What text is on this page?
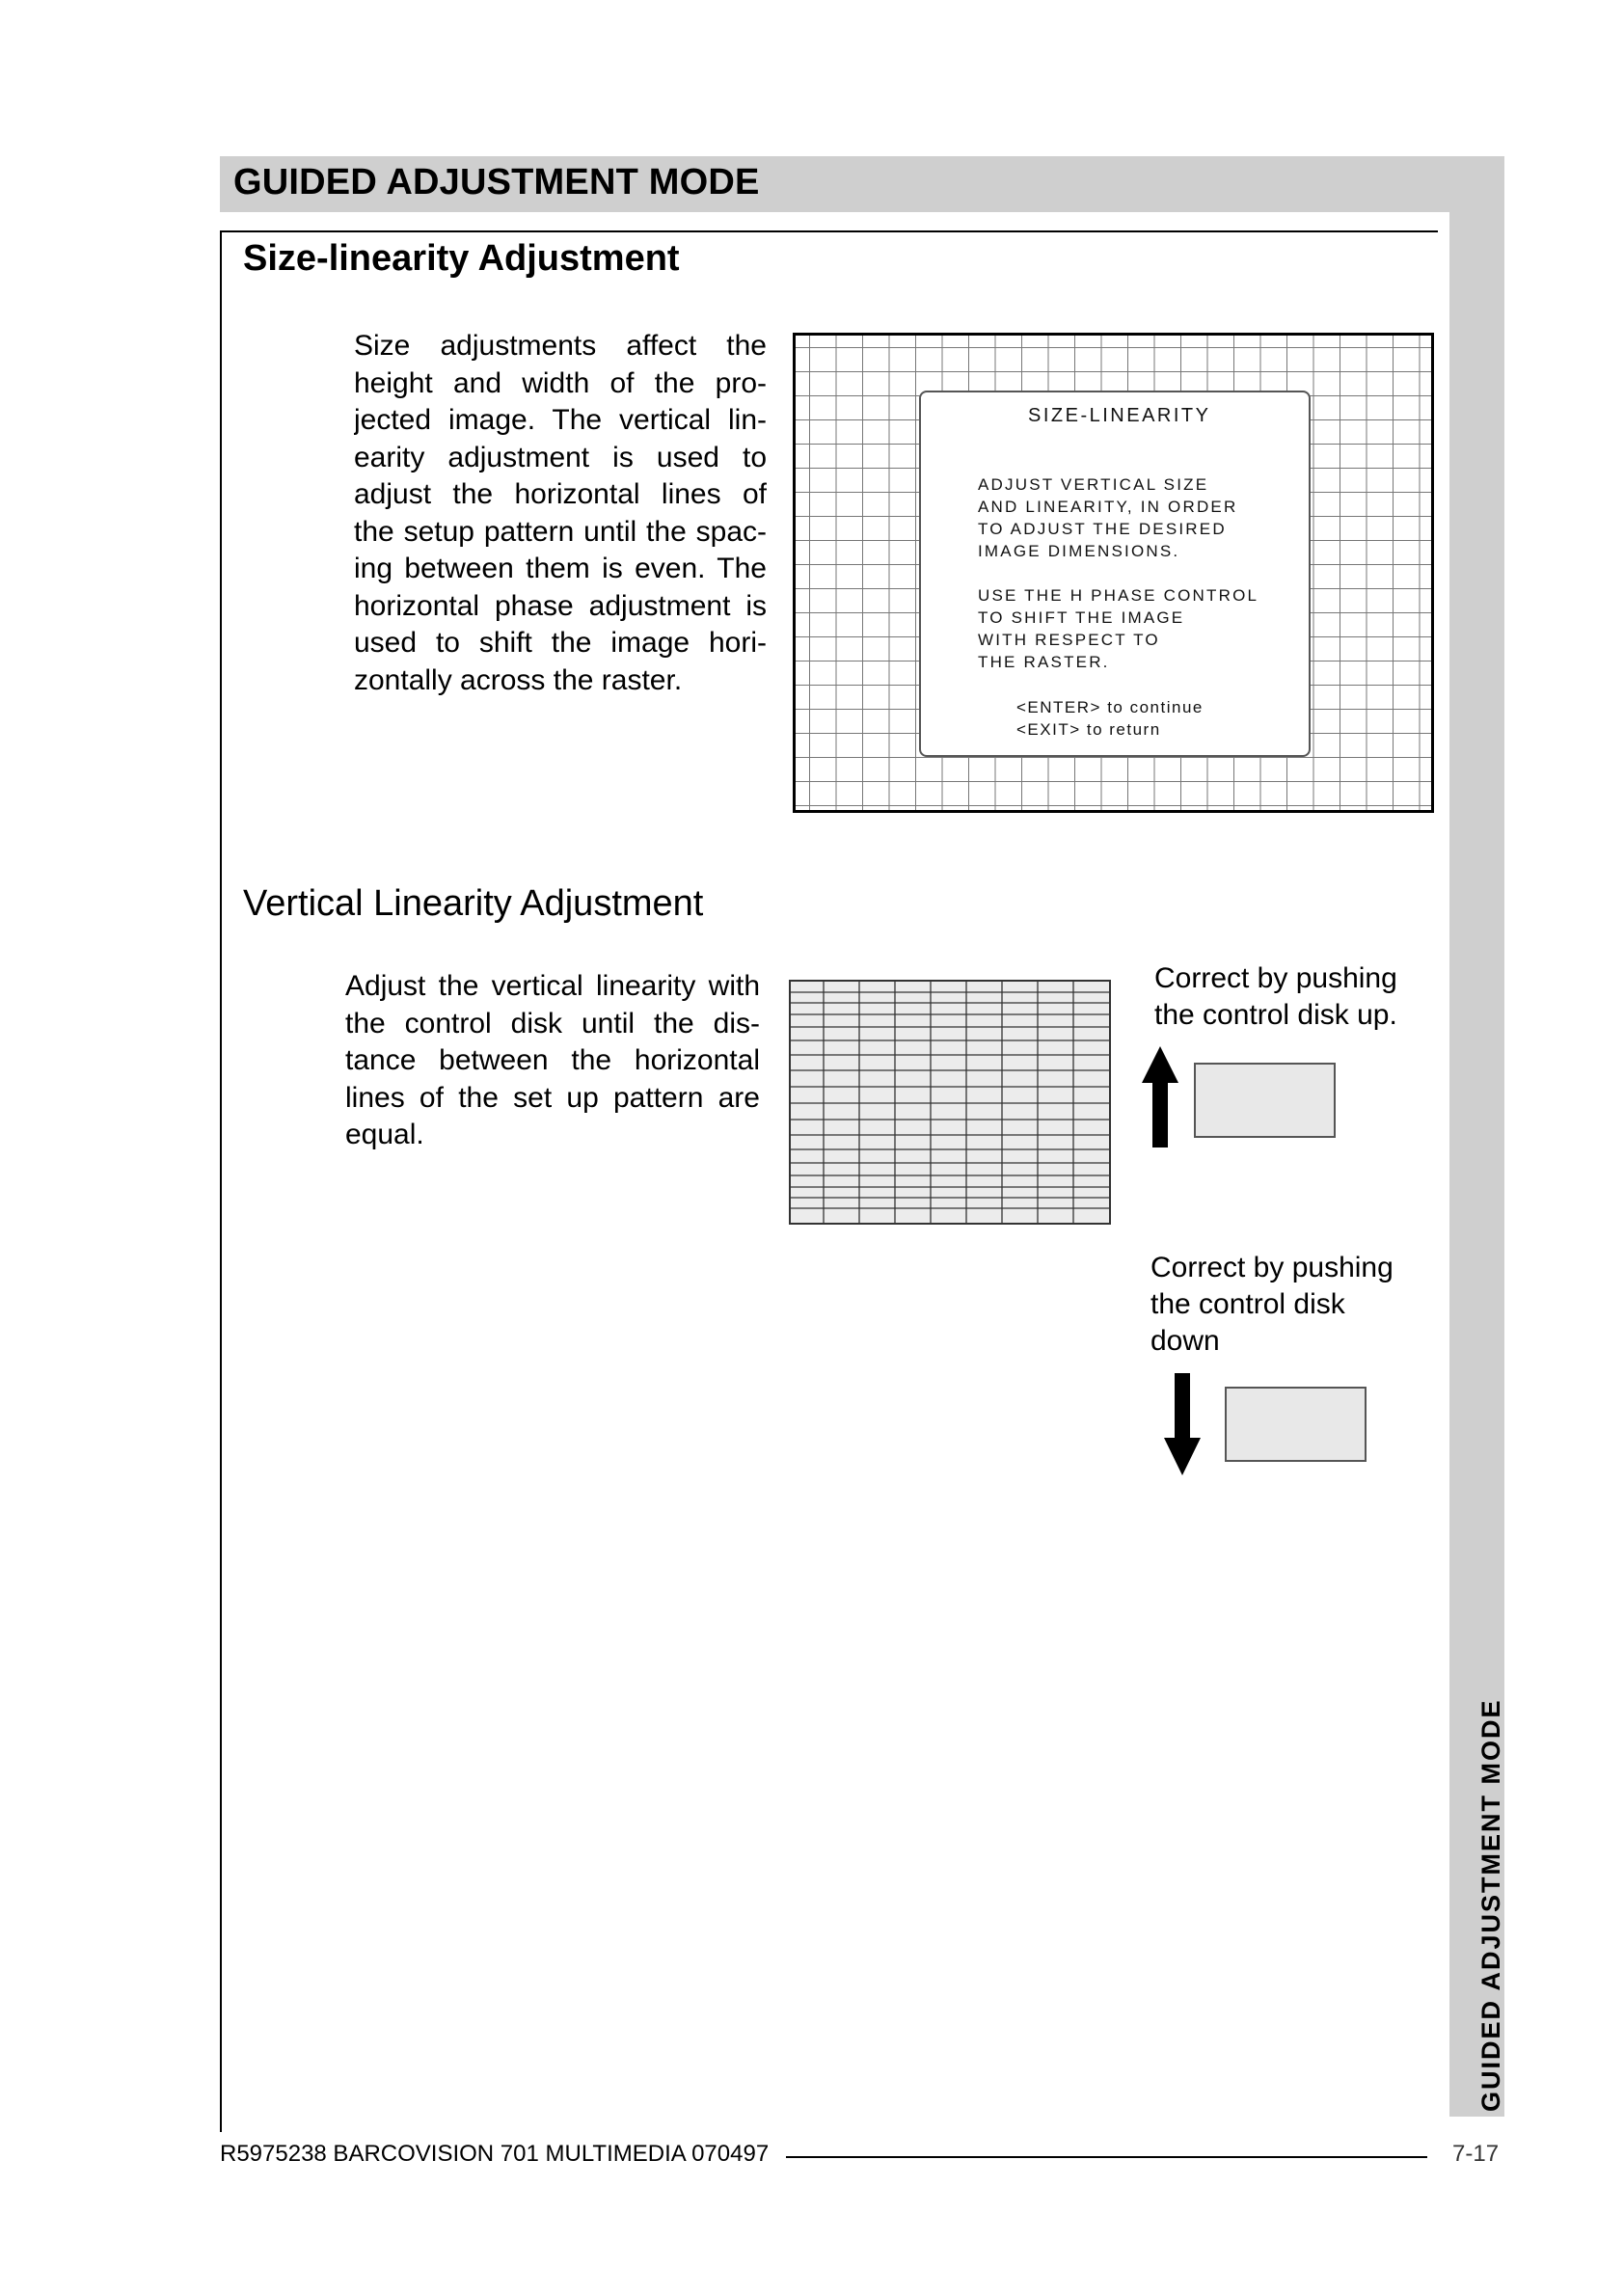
GUIDED ADJUSTMENT MODE
GUIDED ADJUSTMENT MODE
Size-linearity Adjustment
Size adjustments affect the
height and width of the pro-
jected image. The vertical lin-
earity adjustment is used to
adjust the horizontal lines of
the setup pattern until the spac-
ing between them is even. The
horizontal phase adjustment is
used to shift the image hori-
zontally across the raster.
SIZE-LINEARITY
ADJUST VERTICAL SIZE
AND LINEARITY, IN ORDER
TO ADJUST THE DESIRED
IMAGE DIMENSIONS.
USE THE H PHASE CONTROL
TO SHIFT THE IMAGE
WITH RESPECT TO
THE RASTER.
<ENTER> to continue
<EXIT> to return
Vertical Linearity Adjustment
Adjust the vertical linearity with
the control disk until the dis-
tance between the horizontal
lines of the set up pattern are
equal.
Correct by pushing
the control disk up.
Correct by pushing
the control disk
down
R5975238 BARCOVISION 701 MULTIMEDIA 070497	7-17
